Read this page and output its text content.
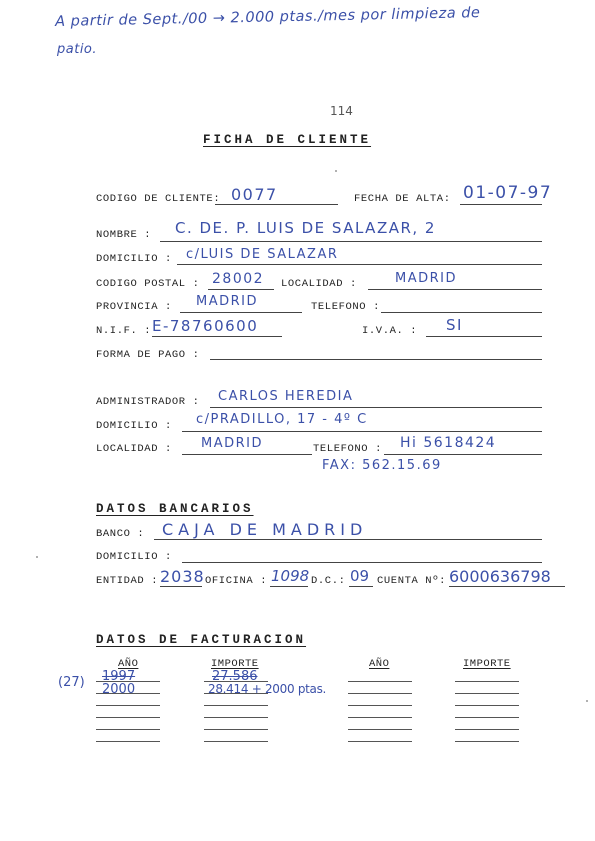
A partir de Sept./00 → 2.000 ptas./mes por limpieza de
patio.
114
FICHA DE CLIENTE
CODIGO DE CLIENTE: 0077	FECHA DE ALTA: 01-07-97
NOMBRE : C. DE. P. LUIS DE SALAZAR, 2
DOMICILIO : c/LUIS DE SALAZAR
CODIGO POSTAL : 28002 LOCALIDAD :	MADRID
PROVINCIA : MADRID	TELEFONO :
N.I.F. : E-78760600	I.V.A. : SI
FORMA DE PAGO :
ADMINISTRADOR : CARLOS HEREDIA
DOMICILIO : c/PRADILLO, 17 - 4º C
LOCALIDAD : MADRID	TELEFONO : Hi 5618424
FAX: 562.15.69
DATOS BANCARIOS
BANCO : CAJA DE MADRID
DOMICILIO :
ENTIDAD : 2038 OFICINA : 1098 D.C.: 09 CUENTA Nº: 6000636798
DATOS DE FACTURACION
AÑO	IMPORTE	AÑO	IMPORTE
(27) 1997	27.586
2000	28.414 + 2000 ptas.
